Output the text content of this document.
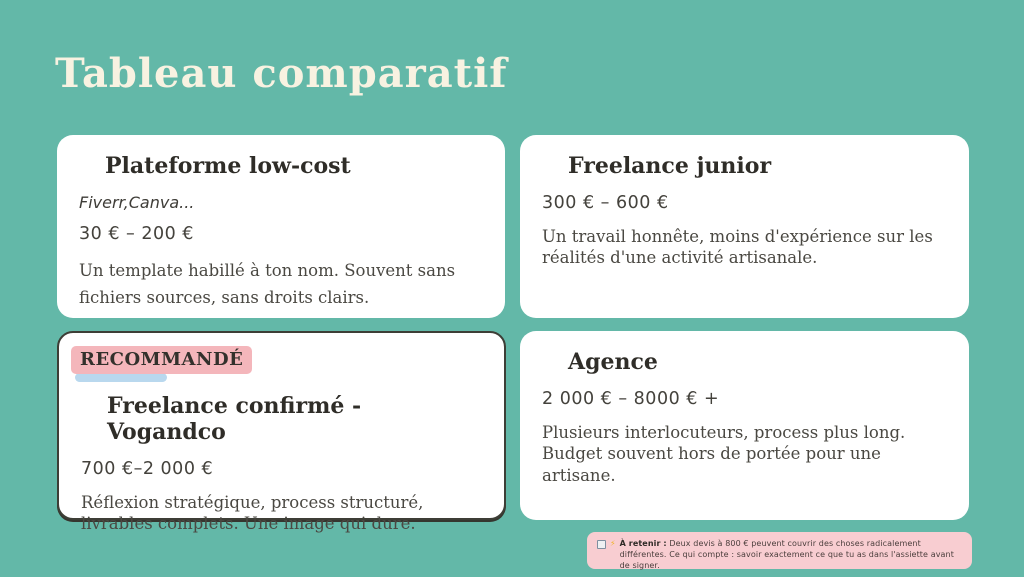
Tableau comparatif
Plateforme low-cost

Fiverr,Canva...

30 € – 200 €

Un template habillé à ton nom. Souvent sans fichiers sources, sans droits clairs.

Freelance junior

300 € – 600 €

Un travail honnête, moins d'expérience sur les réalités d'une activité artisanale.

RECOMMANDÉ
Freelance confirmé - Vogandco

700 €–2 000 €

Réflexion stratégique, process structuré, livrables complets. Une image qui dure.

Agence

2 000 € – 8000 € +

Plusieurs interlocuteurs, process plus long. Budget souvent hors de portée pour une artisane.

⚡ À retenir : Deux devis à 800 € peuvent couvrir des choses radicalement différentes. Ce qui compte : savoir exactement ce que tu as dans l'assiette avant de signer.
